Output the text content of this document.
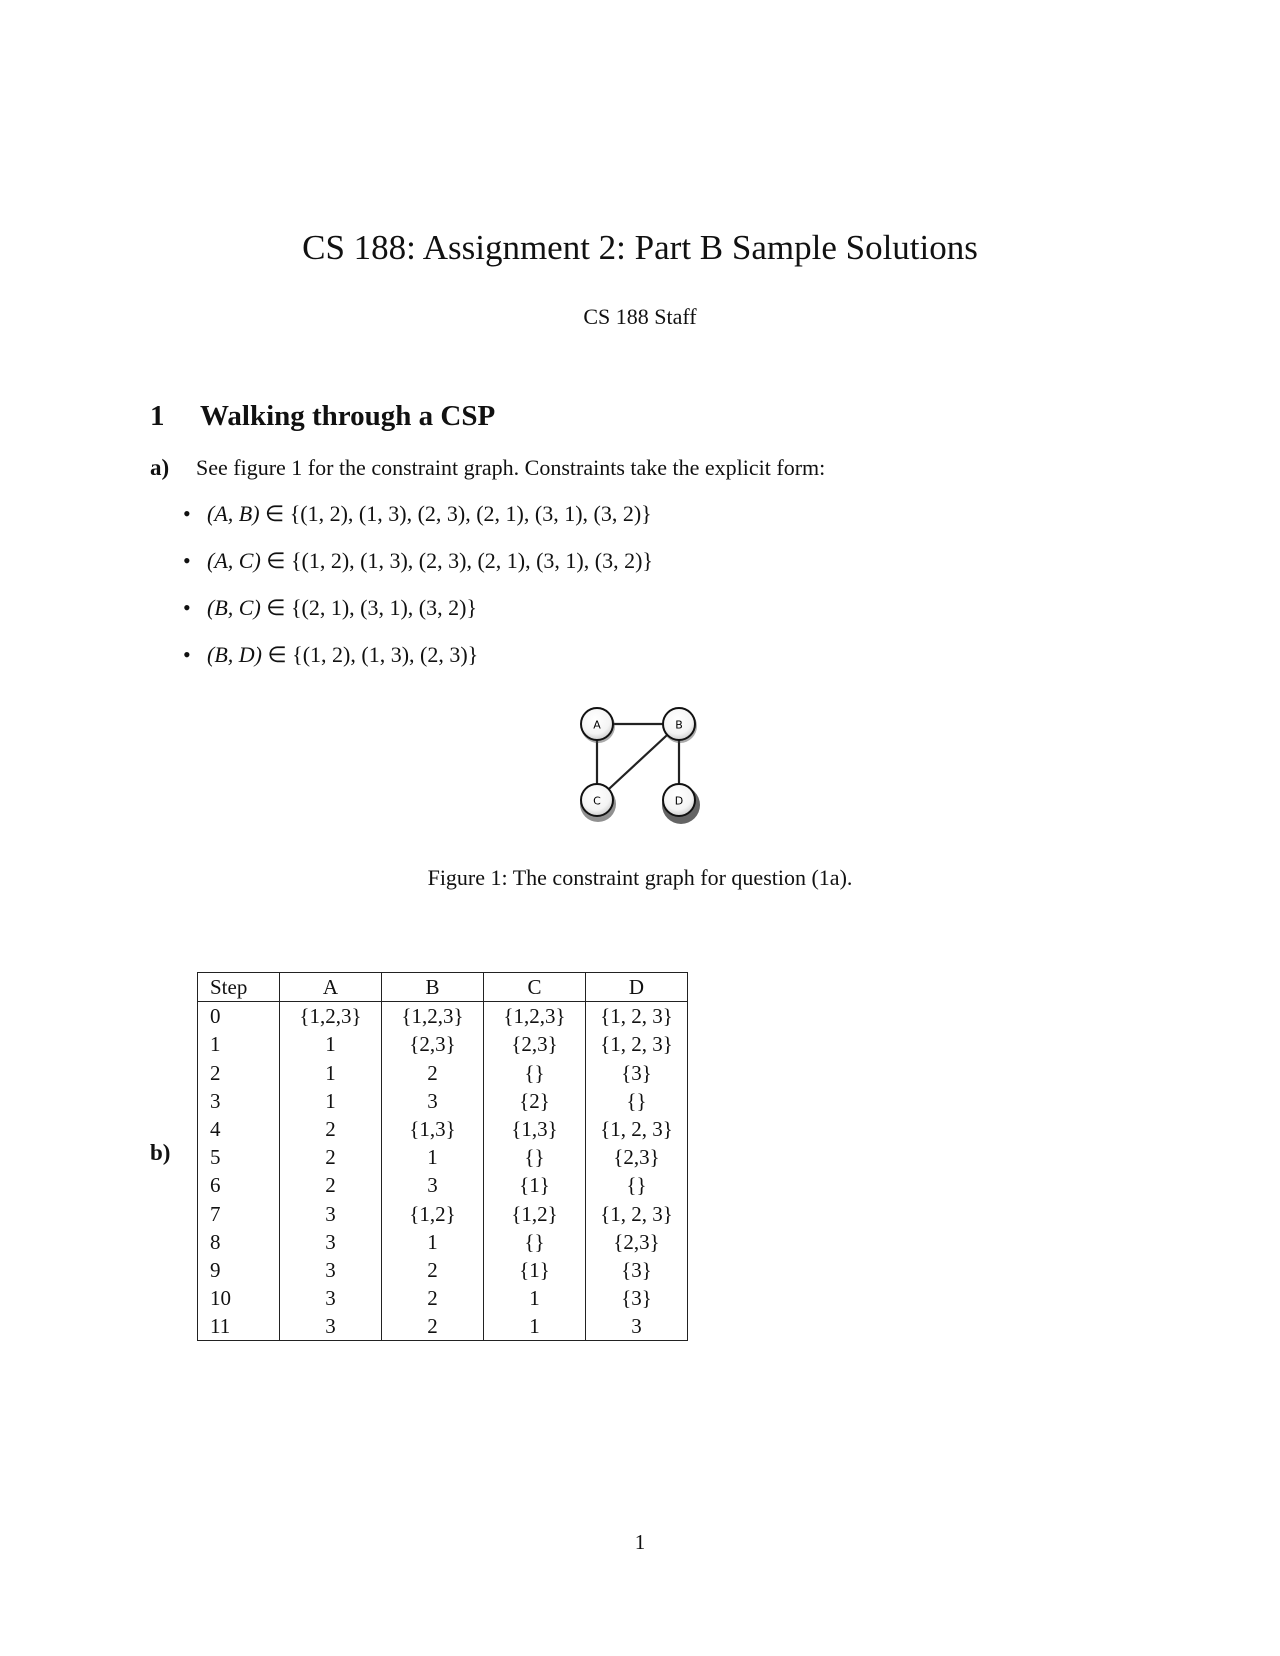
CS 188: Assignment 2: Part B Sample Solutions
CS 188 Staff
1 Walking through a CSP
a) See figure 1 for the constraint graph. Constraints take the explicit form:
• (A, B) ∈ {(1, 2), (1, 3), (2, 3), (2, 1), (3, 1), (3, 2)}
• (A, C) ∈ {(1, 2), (1, 3), (2, 3), (2, 1), (3, 1), (3, 2)}
• (B, C) ∈ {(2, 1), (3, 1), (3, 2)}
• (B, D) ∈ {(1, 2), (1, 3), (2, 3)}
A	B
C	D
Figure 1: The constraint graph for question (1a).
b)
Step	A	B	C	D
0	{1,2,3}	{1,2,3}	{1,2,3}	{1, 2, 3}
1	1	{2,3}	{2,3}	{1, 2, 3}
2	1	2	{}	{3}
3	1	3	{2}	{}
4	2	{1,3}	{1,3}	{1, 2, 3}
5	2	1	{}	{2,3}
6	2	3	{1}	{}
7	3	{1,2}	{1,2}	{1, 2, 3}
8	3	1	{}	{2,3}
9	3	2	{1}	{3}
10	3	2	1	{3}
11	3	2	1	3
1
